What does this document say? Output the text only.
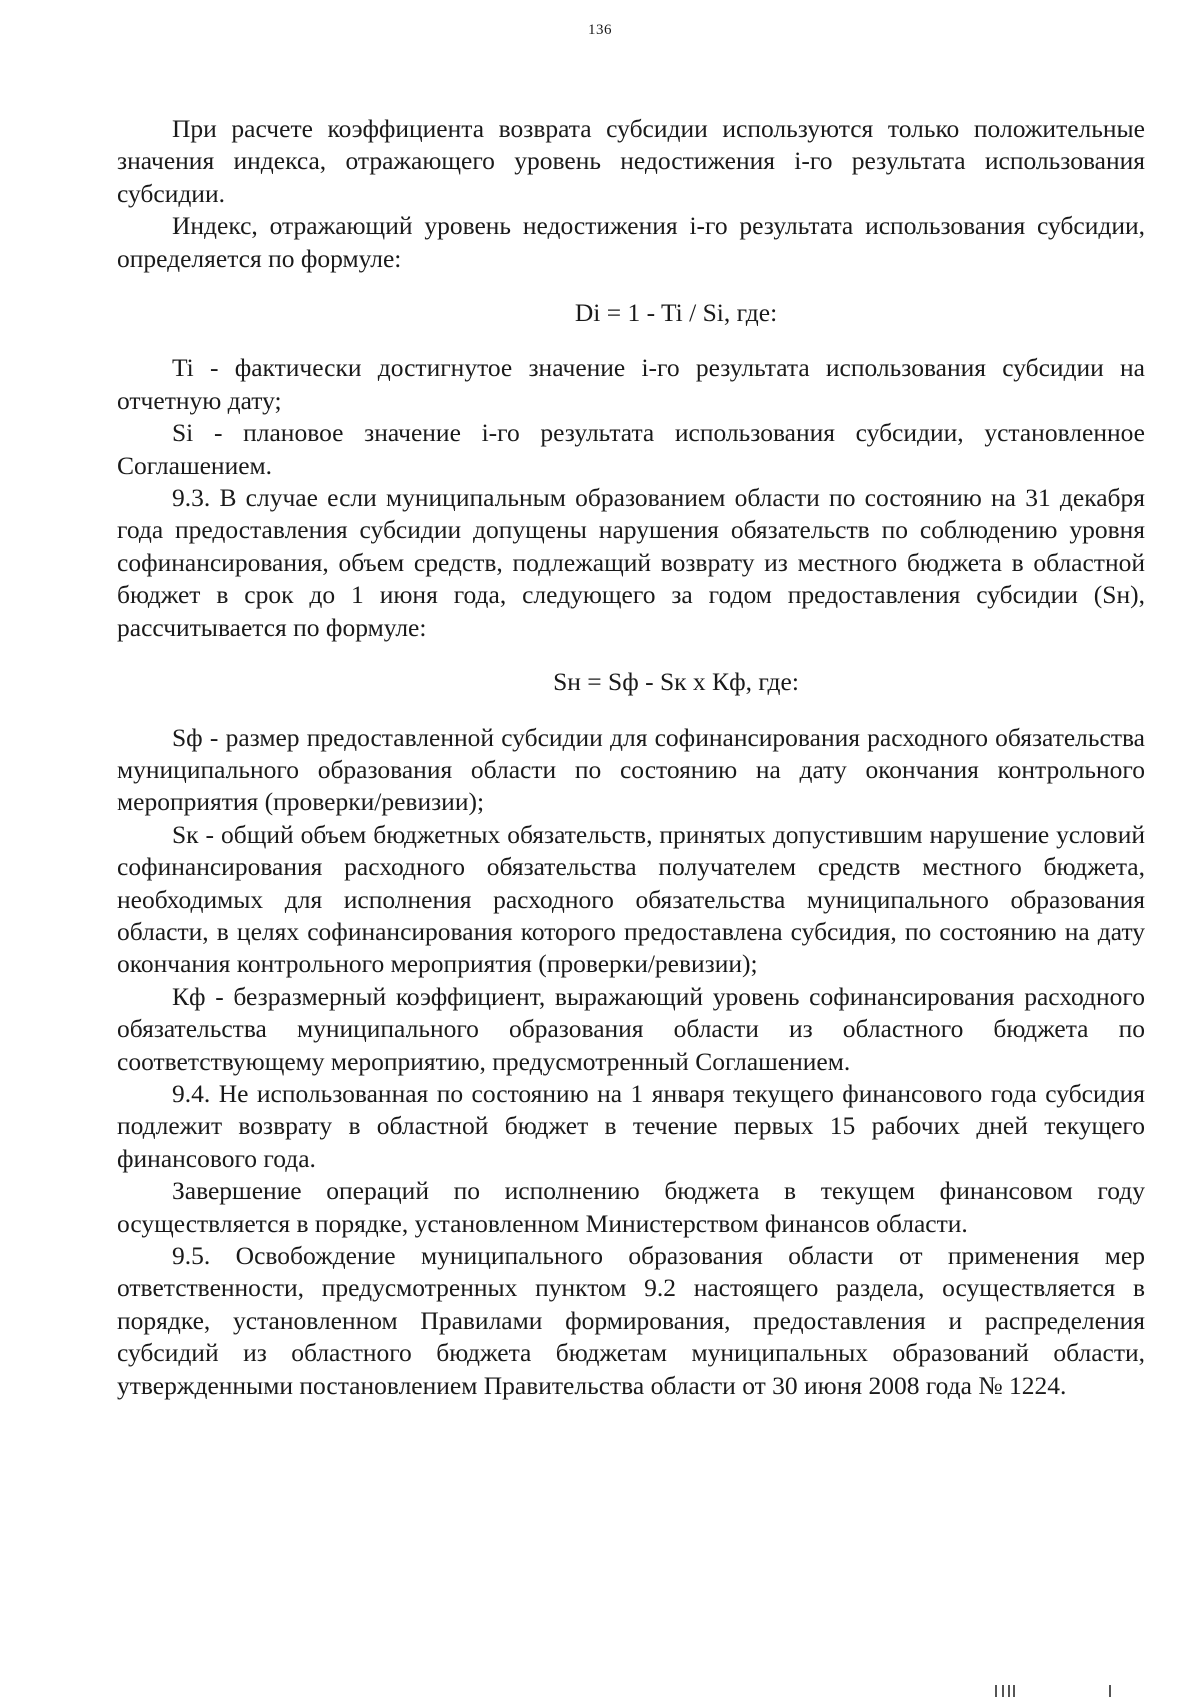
136

При расчете коэффициента возврата субсидии используются только положительные значения индекса, отражающего уровень недостижения i-го результата использования субсидии.

Индекс, отражающий уровень недостижения i-го результата использования субсидии, определяется по формуле:

Di = 1 - Ti / Si, где:

Ti - фактически достигнутое значение i-го результата использования субсидии на отчетную дату;

Si - плановое значение i-го результата использования субсидии, установленное Соглашением.

9.3. В случае если муниципальным образованием области по состоянию на 31 декабря года предоставления субсидии допущены нарушения обязательств по соблюдению уровня софинансирования, объем средств, подлежащий возврату из местного бюджета в областной бюджет в срок до 1 июня года, следующего за годом предоставления субсидии (Sн), рассчитывается по формуле:

Sн = Sф - Sк х Кф, где:

Sф - размер предоставленной субсидии для софинансирования расходного обязательства муниципального образования области по состоянию на дату окончания контрольного мероприятия (проверки/ревизии);

Sк - общий объем бюджетных обязательств, принятых допустившим нарушение условий софинансирования расходного обязательства получателем средств местного бюджета, необходимых для исполнения расходного обязательства муниципального образования области, в целях софинансирования которого предоставлена субсидия, по состоянию на дату окончания контрольного мероприятия (проверки/ревизии);

Кф - безразмерный коэффициент, выражающий уровень софинансирования расходного обязательства муниципального образования области из областного бюджета по соответствующему мероприятию, предусмотренный Соглашением.

9.4. Не использованная по состоянию на 1 января текущего финансового года субсидия подлежит возврату в областной бюджет в течение первых 15 рабочих дней текущего финансового года.

Завершение операций по исполнению бюджета в текущем финансовом году осуществляется в порядке, установленном Министерством финансов области.

9.5. Освобождение муниципального образования области от применения мер ответственности, предусмотренных пунктом 9.2 настоящего раздела, осуществляется в порядке, установленном Правилами формирования, предоставления и распределения субсидий из областного бюджета бюджетам муниципальных образований области, утвержденными постановлением Правительства области от 30 июня 2008 года № 1224.
